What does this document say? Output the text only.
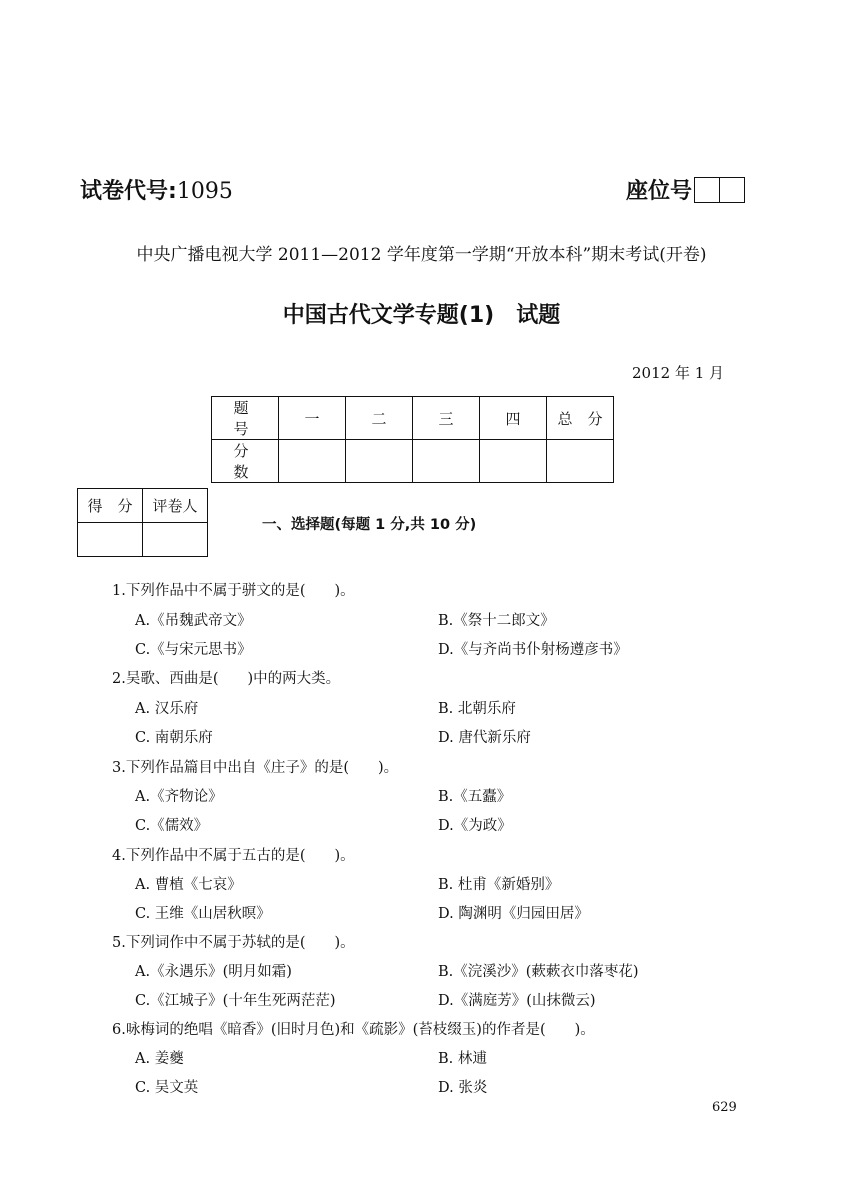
试卷代号:1095	座位号
中央广播电视大学 2011—2012 学年度第一学期“开放本科”期末考试(开卷)
中国古代文学专题(1)　试题
2012 年 1 月
题　号	一	二	三	四	总　分
分　数					
得　分	评卷人

一、选择题(每题 1 分,共 10 分)
1.下列作品中不属于骈文的是(　　)。
A.《吊魏武帝文》	B.《祭十二郎文》
C.《与宋元思书》	D.《与齐尚书仆射杨遵彦书》
2.吴歌、西曲是(　　)中的两大类。
A. 汉乐府	B. 北朝乐府
C. 南朝乐府	D. 唐代新乐府
3.下列作品篇目中出自《庄子》的是(　　)。
A.《齐物论》	B.《五蠹》
C.《儒效》	D.《为政》
4.下列作品中不属于五古的是(　　)。
A. 曹植《七哀》	B. 杜甫《新婚别》
C. 王维《山居秋暝》	D. 陶渊明《归园田居》
5.下列词作中不属于苏轼的是(　　)。
A.《永遇乐》(明月如霜)	B.《浣溪沙》(蔌蔌衣巾落枣花)
C.《江城子》(十年生死两茫茫)	D.《满庭芳》(山抹微云)
6.咏梅词的绝唱《暗香》(旧时月色)和《疏影》(苔枝缀玉)的作者是(　　)。
A. 姜夔	B. 林逋
C. 吴文英	D. 张炎
629
